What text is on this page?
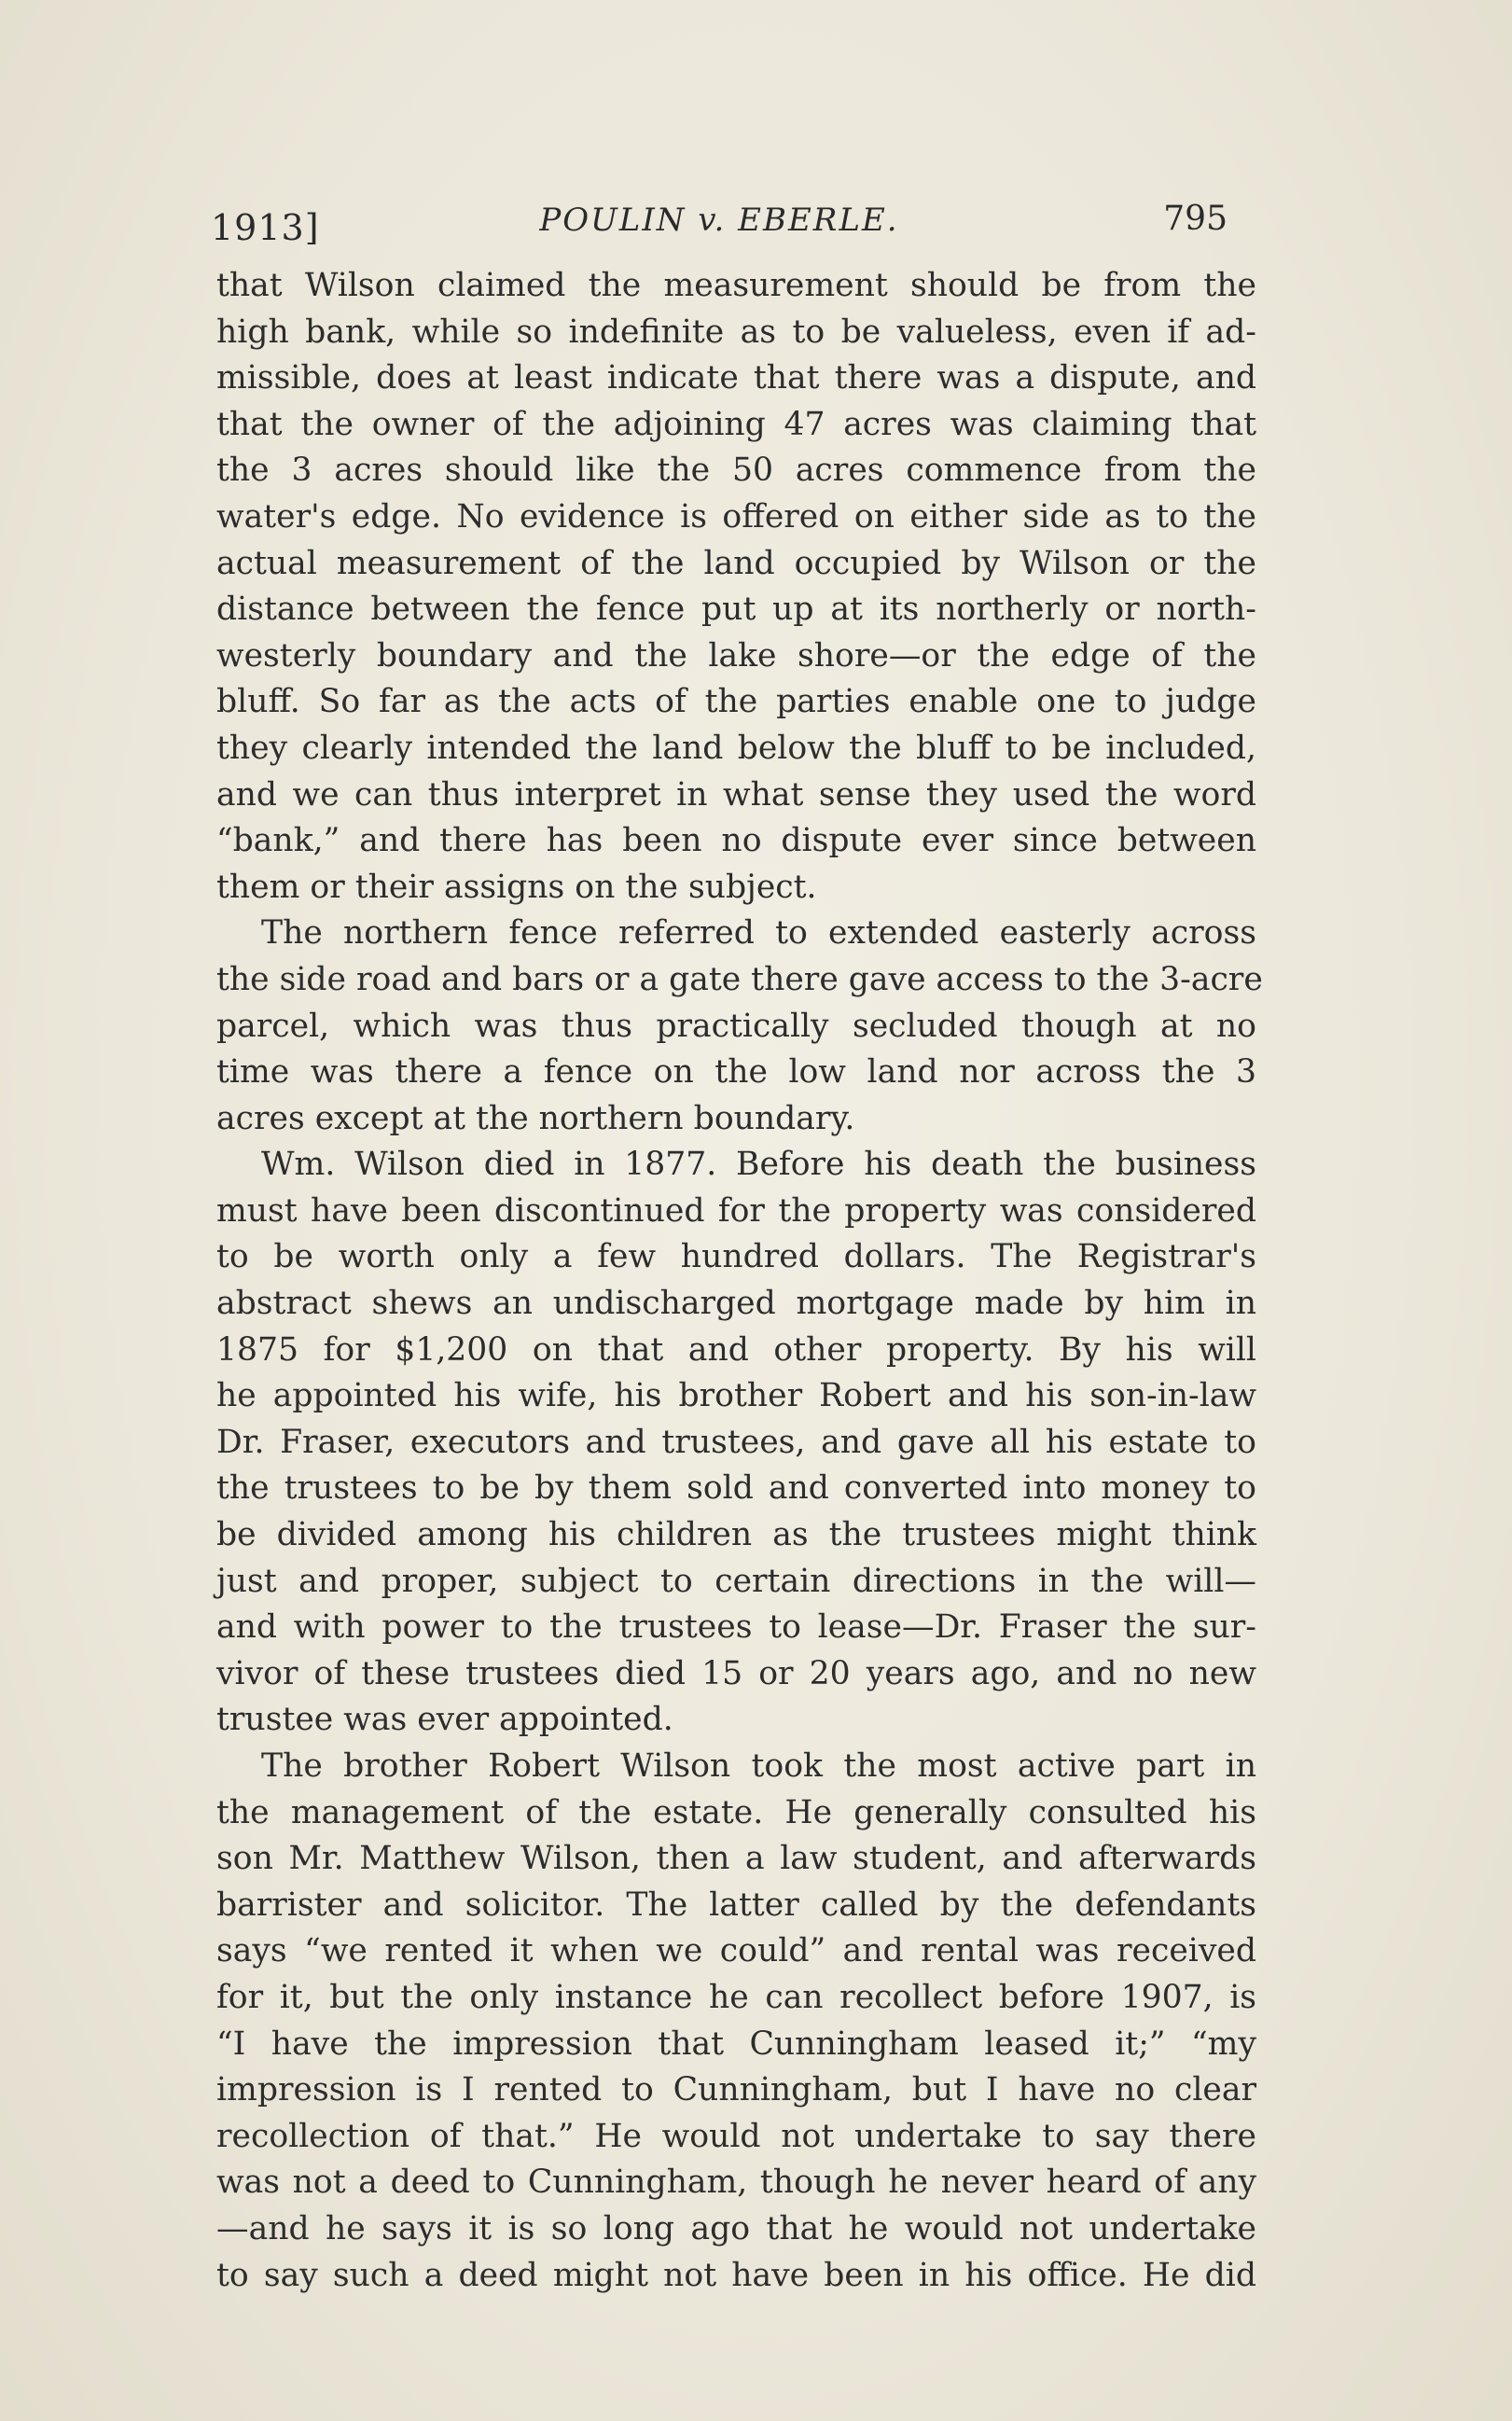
1913]	POULIN v. EBERLE.	795
that Wilson claimed the measurement should be from the
high bank, while so indefinite as to be valueless, even if ad-
missible, does at least indicate that there was a dispute, and
that the owner of the adjoining 47 acres was claiming that
the 3 acres should like the 50 acres commence from the
water's edge. No evidence is offered on either side as to the
actual measurement of the land occupied by Wilson or the
distance between the fence put up at its northerly or north-
westerly boundary and the lake shore—or the edge of the
bluff. So far as the acts of the parties enable one to judge
they clearly intended the land below the bluff to be included,
and we can thus interpret in what sense they used the word
“bank,” and there has been no dispute ever since between
them or their assigns on the subject.
The northern fence referred to extended easterly across
the side road and bars or a gate there gave access to the 3-acre
parcel, which was thus practically secluded though at no
time was there a fence on the low land nor across the 3
acres except at the northern boundary.
Wm. Wilson died in 1877. Before his death the business
must have been discontinued for the property was considered
to be worth only a few hundred dollars. The Registrar's
abstract shews an undischarged mortgage made by him in
1875 for $1,200 on that and other property. By his will
he appointed his wife, his brother Robert and his son-in-law
Dr. Fraser, executors and trustees, and gave all his estate to
the trustees to be by them sold and converted into money to
be divided among his children as the trustees might think
just and proper, subject to certain directions in the will—
and with power to the trustees to lease—Dr. Fraser the sur-
vivor of these trustees died 15 or 20 years ago, and no new
trustee was ever appointed.
The brother Robert Wilson took the most active part in
the management of the estate. He generally consulted his
son Mr. Matthew Wilson, then a law student, and afterwards
barrister and solicitor. The latter called by the defendants
says “we rented it when we could” and rental was received
for it, but the only instance he can recollect before 1907, is
“I have the impression that Cunningham leased it;” “my
impression is I rented to Cunningham, but I have no clear
recollection of that.” He would not undertake to say there
was not a deed to Cunningham, though he never heard of any
—and he says it is so long ago that he would not undertake
to say such a deed might not have been in his office. He did
